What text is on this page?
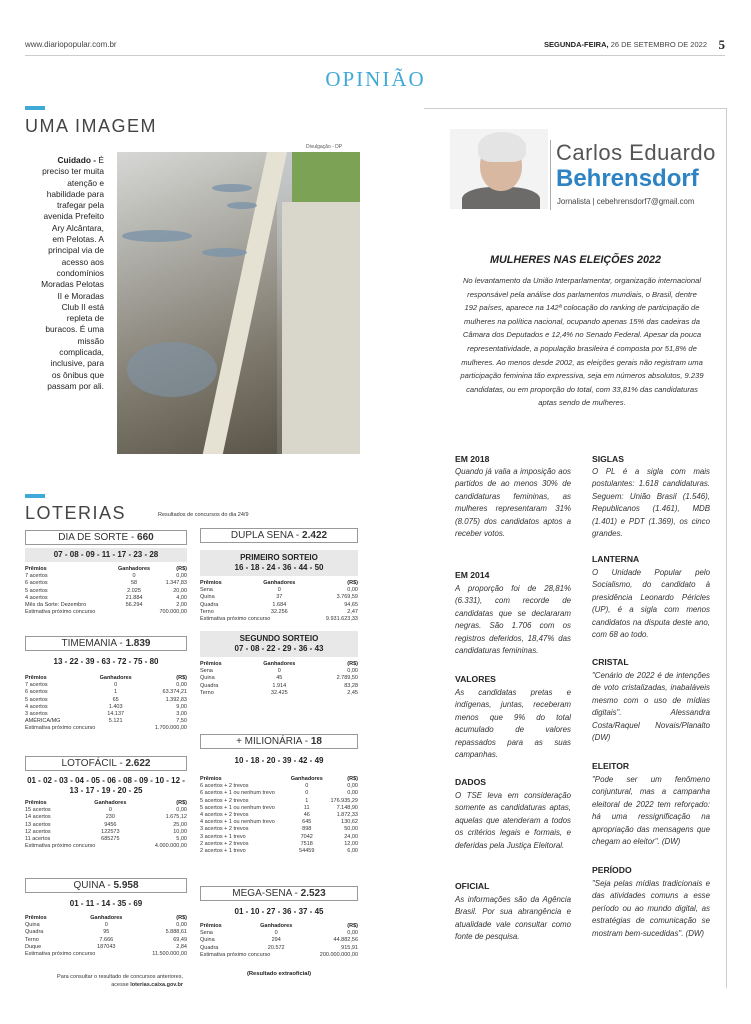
www.diariopopular.com.br	SEGUNDA-FEIRA, 26 DE SETEMBRO DE 2022 5
OPINIÃO
UMA IMAGEM
Cuidado - É preciso ter muita atenção e habilidade para trafegar pela avenida Prefeito Ary Alcântara, em Pelotas. A principal via de acesso aos condomínios Moradas Pelotas II e Moradas Club II está repleta de buracos. É uma missão complicada, inclusive, para os ônibus que passam por ali.
Divulgação - DP
LOTERIAS	Resultados de concursos do dia 24/9
DIA DE SORTE - 660
07 - 08 - 09 - 11 - 17 - 23 - 28
Prêmios	Ganhadores	(R$)
7 acertos	0	0,00
6 acertos	58	1.347,83
5 acertos	2.025	20,00
4 acertos	21.884	4,00
Mês da Sorte: Dezembro	56.294	2,00
Estimativa próximo concurso	700.000,00
TIMEMANIA - 1.839
13 - 22 - 39 - 63 - 72 - 75 - 80
Prêmios	Ganhadores	(R$)
7 acertos	0	0,00
6 acertos	1	63.374,21
5 acertos	65	1.392,83
4 acertos	1.403	9,00
3 acertos	14.137	3,00
AMÉRICA/MG	5.121	7,50
Estimativa próximo concurso	1.700.000,00
LOTOFÁCIL - 2.622
01 - 02 - 03 - 04 - 05 - 06 - 08 - 09 - 10 - 12 - 13 - 17 - 19 - 20 - 25
Prêmios	Ganhadores	(R$)
15 acertos	0	0,00
14 acertos	230	1.675,12
13 acertos	9456	25,00
12 acertos	122573	10,00
11 acertos	685275	5,00
Estimativa próximo concurso	4.000.000,00
QUINA - 5.958
01 - 11 - 14 - 35 - 69
Prêmios	Ganhadores	(R$)
Quina	0	0,00
Quadra	95	5.888,61
Terno	7.666	69,49
Duque	187043	2,84
Estimativa próximo concurso	11.500.000,00
Para consultar o resultado de concursos anteriores,
acesse loterias.caixa.gov.br
DUPLA SENA - 2.422
PRIMEIRO SORTEIO
16 - 18 - 24 - 36 - 44 - 50
Prêmios	Ganhadores	(R$)
Sena	0	0,00
Quina	37	3.769,59
Quadra	1.684	94,65
Terno	32.256	2,47
Estimativa próximo concurso	9.931.623,33
SEGUNDO SORTEIO
07 - 08 - 22 - 29 - 36 - 43
Prêmios	Ganhadores	(R$)
Sena	0	0,00
Quina	45	2.789,50
Quadra	1.914	83,28
Terno	32.425	2,45
+ MILIONÁRIA - 18
10 - 18 - 20 - 39 - 42 - 49
Prêmios	Ganhadores	(R$)
6 acertos + 2 trevos	0	0,00
6 acertos + 1 ou nenhum trevo	0	0,00
5 acertos + 2 trevos	1	176.935,29
5 acertos + 1 ou nenhum trevo	11	7.148,90
4 acertos + 2 trevos	46	1.872,33
4 acertos + 1 ou nenhum trevo	645	130,62
3 acertos + 2 trevos	898	50,00
3 acertos + 1 trevo	7042	24,00
2 acertos + 2 trevos	7518	12,00
2 acertos + 1 trevo	54459	6,00
MEGA-SENA - 2.523
01 - 10 - 27 - 36 - 37 - 45
Prêmios	Ganhadores	(R$)
Sena	0	0,00
Quina	294	44.882,56
Quadra	20.572	915,91
Estimativa próximo concurso	200.000.000,00
(Resultado extraoficial)
Carlos Eduardo
Behrensdorf
Jornalista | cebehrensdorf7@gmail.com
MULHERES NAS ELEIÇÕES 2022
No levantamento da União Interparlamentar, organização internacional responsável pela análise dos parlamentos mundiais, o Brasil, dentre 192 países, aparece na 142ª colocação do ranking de participação de mulheres na política nacional, ocupando apenas 15% das cadeiras da Câmara dos Deputados e 12,4% no Senado Federal. Apesar da pouca representatividade, a população brasileira é composta por 51,8% de mulheres. Ao menos desde 2002, as eleições gerais não registram uma participação feminina tão expressiva, seja em números absolutos, 9.239 candidatas, ou em proporção do total, com 33,81% das candidaturas aptas sendo de mulheres.
EM 2018
Quando já valia a imposição aos partidos de ao menos 30% de candidaturas femininas, as mulheres representaram 31% (8.075) dos candidatos aptos a receber votos.
EM 2014
A proporção foi de 28,81% (6.331), com recorde de candidatas que se declararam negras. São 1.706 com os registros deferidos, 18,47% das candidaturas femininas.
VALORES
As candidatas pretas e indígenas, juntas, receberam menos que 9% do total acumulado de valores repassados para as suas campanhas.
DADOS
O TSE leva em consideração somente as candidaturas aptas, aquelas que atenderam a todos os critérios legais e formais, e deferidas pela Justiça Eleitoral.
OFICIAL
As informações são da Agência Brasil. Por sua abrangência e atualidade vale consultar como fonte de pesquisa.
SIGLAS
O PL é a sigla com mais postulantes: 1.618 candidaturas. Seguem: União Brasil (1.546), Republicanos (1.461), MDB (1.401) e PDT (1.369), os cinco grandes.
LANTERNA
O Unidade Popular pelo Socialismo, do candidato à presidência Leonardo Péricles (UP), é a sigla com menos candidatos na disputa deste ano, com 68 ao todo.
CRISTAL
"Cenário de 2022 é de intenções de voto cristalizadas, inabaláveis mesmo com o uso de mídias digitais". Alessandra Costa/Raquel Novais/Planalto (DW)
ELEITOR
"Pode ser um fenômeno conjuntural, mas a campanha eleitoral de 2022 tem reforçado: há uma ressignificação na apropriação das mensagens que chegam ao eleitor". (DW)
PERÍODO
"Seja pelas mídias tradicionais e das atividades comuns a esse período ou ao mundo digital, as estratégias de comunicação se mostram bem-sucedidas". (DW)
